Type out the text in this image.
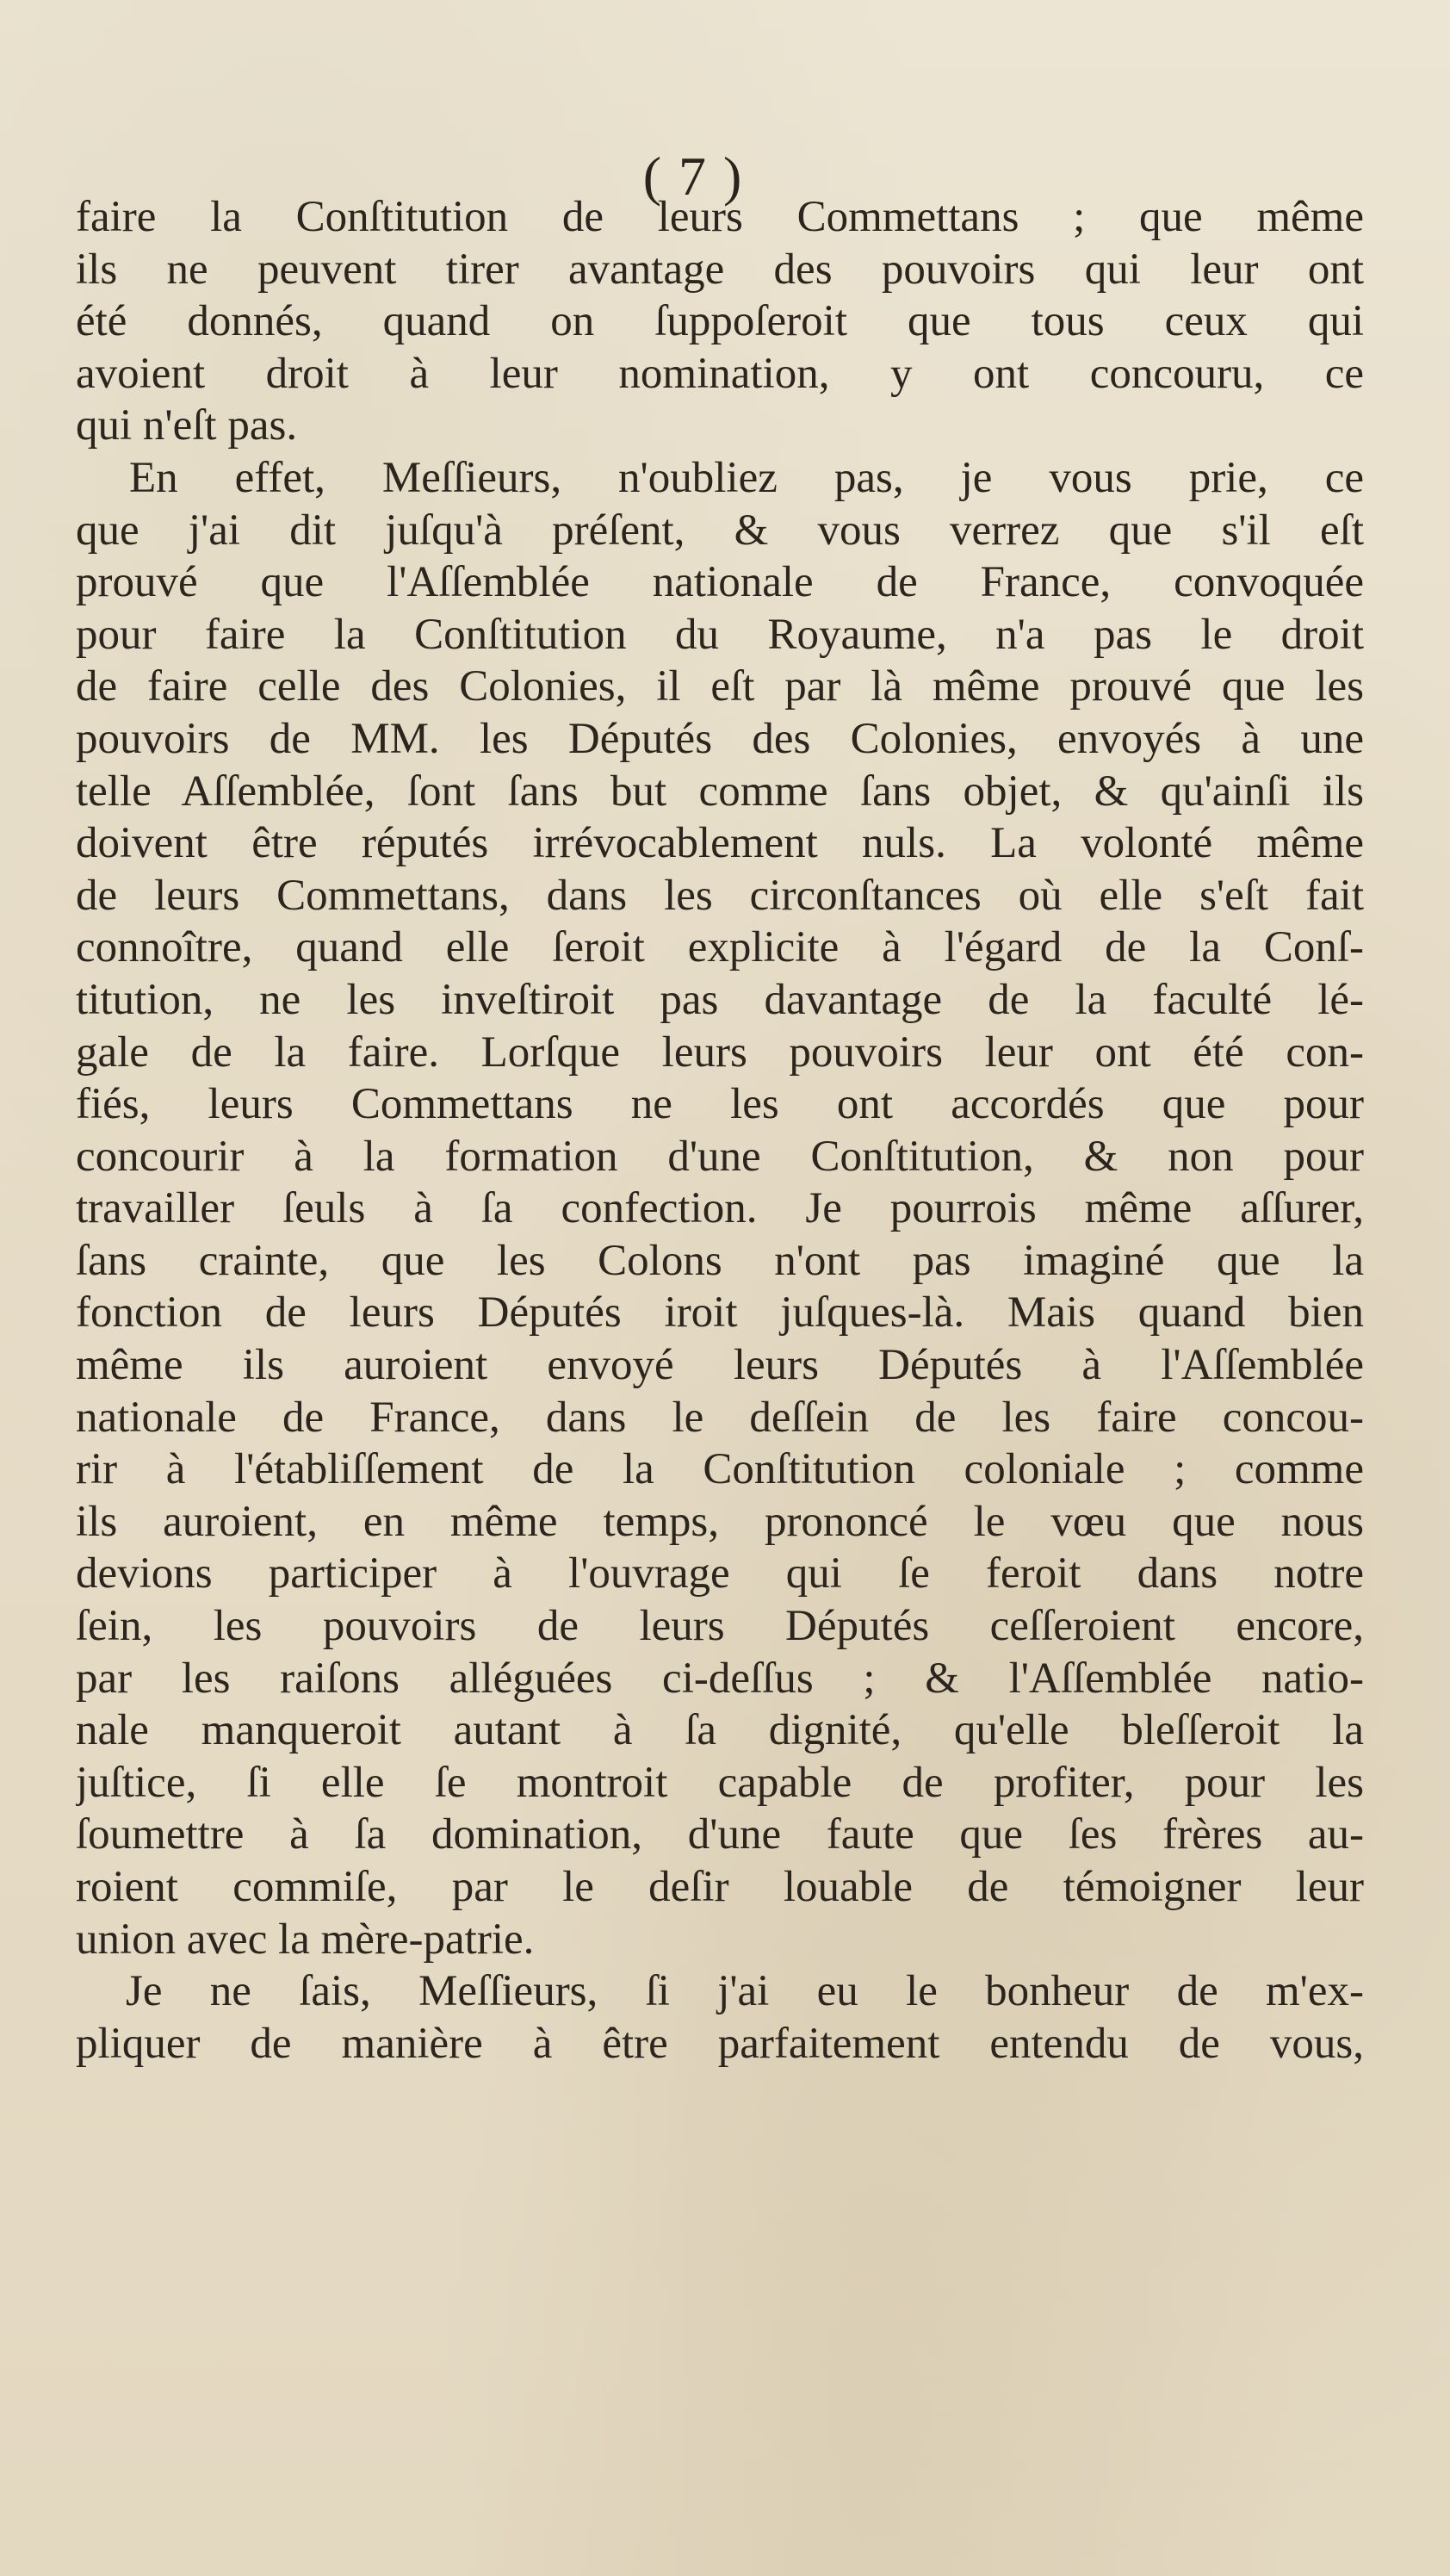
( 7 )
faire la Conſtitution de leurs Commettans ; que même
ils ne peuvent tirer avantage des pouvoirs qui leur ont
été donnés, quand on ſuppoſeroit que tous ceux qui
avoient droit à leur nomination, y ont concouru, ce
qui n'eſt pas.
En effet, Meſſieurs, n'oubliez pas, je vous prie, ce
que j'ai dit juſqu'à préſent, & vous verrez que s'il eſt
prouvé que l'Aſſemblée nationale de France, convoquée
pour faire la Conſtitution du Royaume, n'a pas le droit
de faire celle des Colonies, il eſt par là même prouvé que les
pouvoirs de MM. les Députés des Colonies, envoyés à une
telle Aſſemblée, ſont ſans but comme ſans objet, & qu'ainſi ils
doivent être réputés irrévocablement nuls. La volonté même
de leurs Commettans, dans les circonſtances où elle s'eſt fait
connoître, quand elle ſeroit explicite à l'égard de la Conſ-
titution, ne les inveſtiroit pas davantage de la faculté lé-
gale de la faire. Lorſque leurs pouvoirs leur ont été con-
fiés, leurs Commettans ne les ont accordés que pour
concourir à la formation d'une Conſtitution, & non pour
travailler ſeuls à ſa confection. Je pourrois même aſſurer,
ſans crainte, que les Colons n'ont pas imaginé que la
fonction de leurs Députés iroit juſques-là. Mais quand bien
même ils auroient envoyé leurs Députés à l'Aſſemblée
nationale de France, dans le deſſein de les faire concou-
rir à l'établiſſement de la Conſtitution coloniale ; comme
ils auroient, en même temps, prononcé le vœu que nous
devions participer à l'ouvrage qui ſe feroit dans notre
ſein, les pouvoirs de leurs Députés ceſſeroient encore,
par les raiſons alléguées ci-deſſus ; & l'Aſſemblée natio-
nale manqueroit autant à ſa dignité, qu'elle bleſſeroit la
juſtice, ſi elle ſe montroit capable de profiter, pour les
ſoumettre à ſa domination, d'une faute que ſes frères au-
roient commiſe, par le deſir louable de témoigner leur
union avec la mère-patrie.
Je ne ſais, Meſſieurs, ſi j'ai eu le bonheur de m'ex-
pliquer de manière à être parfaitement entendu de vous,
